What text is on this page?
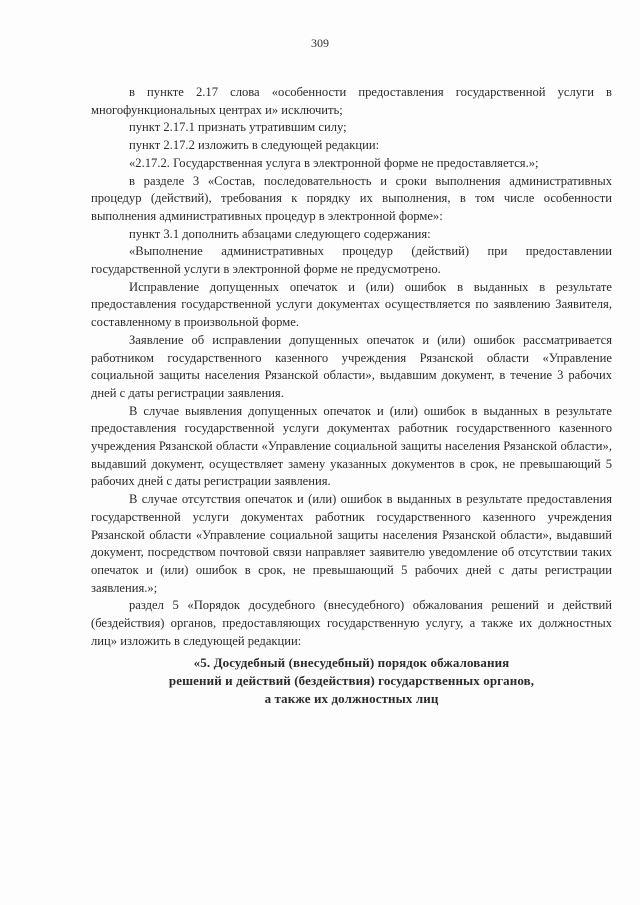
309

в пункте 2.17 слова «особенности предоставления государственной услуги в многофункциональных центрах и» исключить;

пункт 2.17.1 признать утратившим силу;

пункт 2.17.2 изложить в следующей редакции:

«2.17.2. Государственная услуга в электронной форме не предоставляется.»;

в разделе 3 «Состав, последовательность и сроки выполнения административных процедур (действий), требования к порядку их выполнения, в том числе особенности выполнения административных процедур в электронной форме»:

пункт 3.1 дополнить абзацами следующего содержания:

«Выполнение административных процедур (действий) при предоставлении государственной услуги в электронной форме не предусмотрено.

Исправление допущенных опечаток и (или) ошибок в выданных в результате предоставления государственной услуги документах осуществляется по заявлению Заявителя, составленному в произвольной форме.

Заявление об исправлении допущенных опечаток и (или) ошибок рассматривается работником государственного казенного учреждения Рязанской области «Управление социальной защиты населения Рязанской области», выдавшим документ, в течение 3 рабочих дней с даты регистрации заявления.

В случае выявления допущенных опечаток и (или) ошибок в выданных в результате предоставления государственной услуги документах работник государственного казенного учреждения Рязанской области «Управление социальной защиты населения Рязанской области», выдавший документ, осуществляет замену указанных документов в срок, не превышающий 5 рабочих дней с даты регистрации заявления.

В случае отсутствия опечаток и (или) ошибок в выданных в результате предоставления государственной услуги документах работник государственного казенного учреждения Рязанской области «Управление социальной защиты населения Рязанской области», выдавший документ, посредством почтовой связи направляет заявителю уведомление об отсутствии таких опечаток и (или) ошибок в срок, не превышающий 5 рабочих дней с даты регистрации заявления.»;

раздел 5 «Порядок досудебного (внесудебного) обжалования решений и действий (бездействия) органов, предоставляющих государственную услугу, а также их должностных лиц» изложить в следующей редакции:

«5. Досудебный (внесудебный) порядок обжалования
решений и действий (бездействия) государственных органов,
а также их должностных лиц
